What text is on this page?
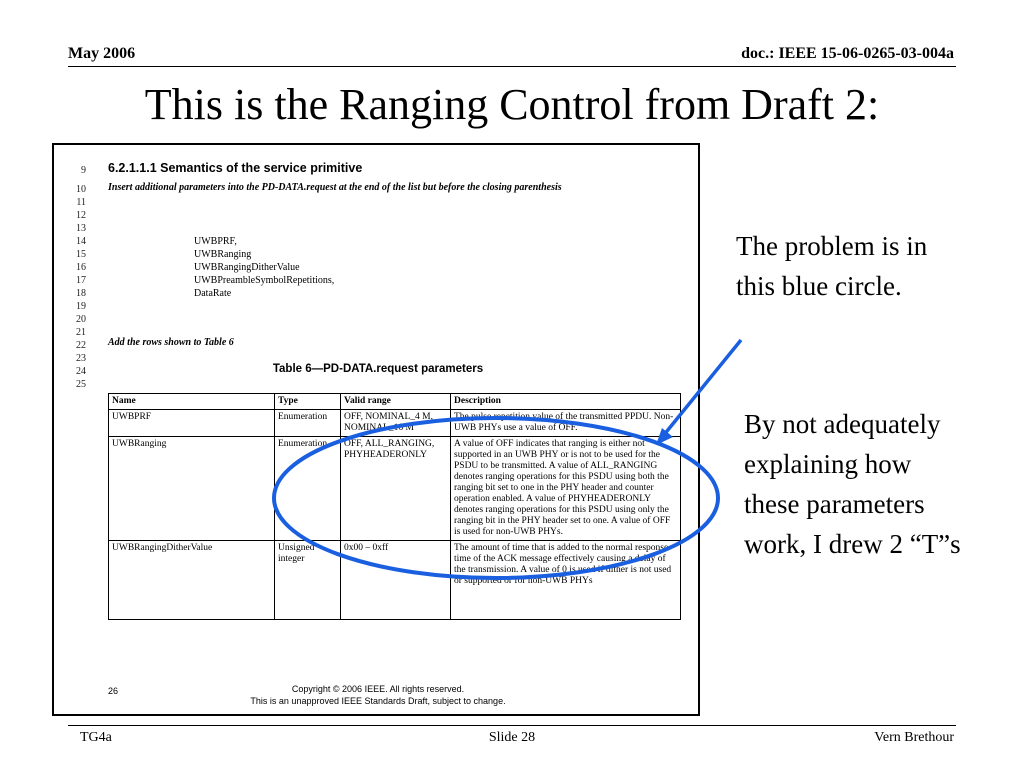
May 2006	doc.: IEEE 15-06-0265-03-004a
This is the Ranging Control from Draft 2:
9
10
11
12
13
14
15
16
17
18
19
20
21
22
23
24
25
6.2.1.1.1 Semantics of the service primitive
Insert additional parameters into the PD-DATA.request at the end of the list but before the closing parenthesis
UWBPRF,
UWBRanging
UWBRangingDitherValue
UWBPreambleSymbolRepetitions,
DataRate
Add the rows shown to Table 6
Table 6—PD-DATA.request parameters
Name	Type	Valid range	Description
UWBPRF	Enumeration	OFF, NOMINAL_4 M, NOMINAL_16 M	The pulse repetition value of the transmitted PPDU. Non-UWB PHYs use a value of OFF.
UWBRanging	Enumeration	OFF, ALL_RANGING, PHYHEADERONLY	A value of OFF indicates that ranging is either not supported in an UWB PHY or is not to be used for the PSDU to be transmitted. A value of ALL_RANGING denotes ranging operations for this PSDU using both the ranging bit set to one in the PHY header and counter operation enabled. A value of PHYHEADERONLY denotes ranging operations for this PSDU using only the ranging bit in the PHY header set to one. A value of OFF is used for non-UWB PHYs.
UWBRangingDitherValue	Unsigned integer	0x00 – 0xff	The amount of time that is added to the normal response time of the ACK message effectively causing a delay of the transmission. A value of 0 is used if dither is not used or supported or for non-UWB PHYs
26	Copyright © 2006 IEEE. All rights reserved.
This is an unapproved IEEE Standards Draft, subject to change.
The problem is in this blue circle.
By not adequately explaining how these parameters work, I drew 2 “T”s
TG4a	Slide 28	Vern Brethour
